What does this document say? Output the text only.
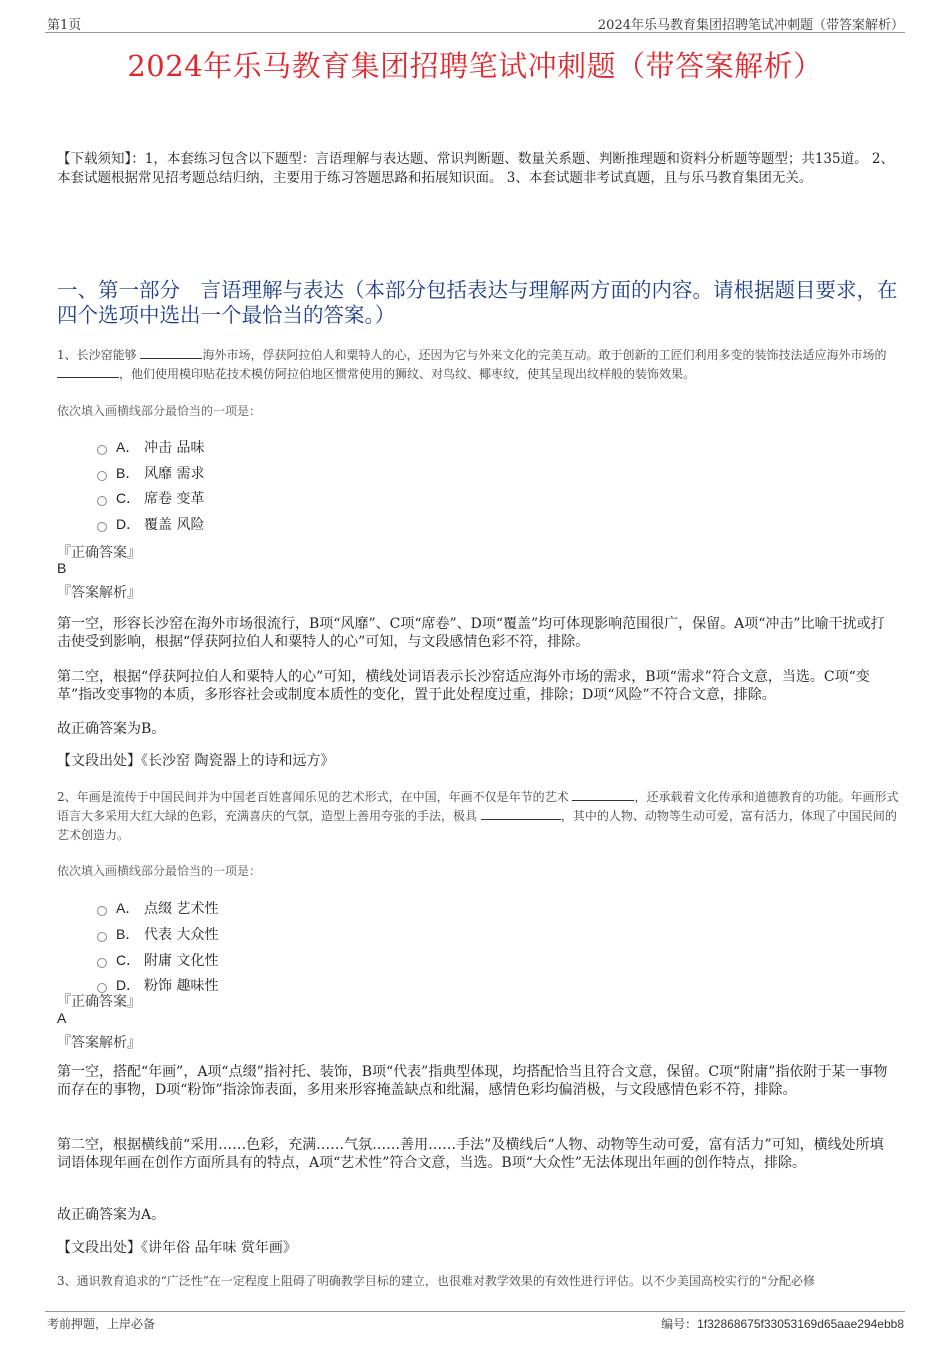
第1页	2024年乐马教育集团招聘笔试冲刺题（带答案解析）
2024年乐马教育集团招聘笔试冲刺题（带答案解析）
【下载须知】：1，本套练习包含以下题型：言语理解与表达题、常识判断题、数量关系题、判断推理题和资料分析题等题型；共135道。 2、本套试题根据常见招考题总结归纳，主要用于练习答题思路和拓展知识面。 3、本套试题非考试真题，且与乐马教育集团无关。
一、第一部分　言语理解与表达（本部分包括表达与理解两方面的内容。请根据题目要求，在四个选项中选出一个最恰当的答案。）
1、长沙窑能够	海外市场，俘获阿拉伯人和粟特人的心，还因为它与外来文化的完美互动。敢于创新的工匠们利用多变的装饰技法适应海外市场的 ，他们使用模印贴花技术模仿阿拉伯地区惯常使用的狮纹、对鸟纹、椰枣纹，使其呈现出纹样般的装饰效果。
依次填入画横线部分最恰当的一项是：
A． 冲击 品味
B． 风靡 需求
C． 席卷 变革
D． 覆盖 风险
『正确答案』
B
『答案解析』
第一空，形容长沙窑在海外市场很流行，B项“风靡”、C项“席卷”、D项“覆盖”均可体现影响范围很广，保留。A项“冲击”比喻干扰或打击使受到影响，根据“俘获阿拉伯人和粟特人的心”可知，与文段感情色彩不符，排除。
第二空，根据“俘获阿拉伯人和粟特人的心”可知，横线处词语表示长沙窑适应海外市场的需求，B项“需求”符合文意，当选。C项“变革”指改变事物的本质，多形容社会或制度本质性的变化，置于此处程度过重，排除；D项“风险”不符合文意，排除。
故正确答案为B。
【文段出处】《长沙窑 陶瓷器上的诗和远方》
2、年画是流传于中国民间并为中国老百姓喜闻乐见的艺术形式，在中国，年画不仅是年节的艺术	，还承载着文化传承和道德教育的功能。年画形式语言大多采用大红大绿的色彩，充满喜庆的气氛，造型上善用夸张的手法，极具	，其中的人物、动物等生动可爱，富有活力，体现了中国民间的艺术创造力。
依次填入画横线部分最恰当的一项是：
A． 点缀 艺术性
B． 代表 大众性
C． 附庸 文化性
D． 粉饰 趣味性
『正确答案』
A
『答案解析』
第一空，搭配“年画”，A项“点缀”指衬托、装饰，B项“代表”指典型体现，均搭配恰当且符合文意，保留。C项“附庸”指依附于某一事物而存在的事物，D项“粉饰”指涂饰表面，多用来形容掩盖缺点和纰漏，感情色彩均偏消极，与文段感情色彩不符，排除。
第二空，根据横线前“采用……色彩，充满……气氛……善用……手法”及横线后“人物、动物等生动可爱，富有活力”可知，横线处所填词语体现年画在创作方面所具有的特点，A项“艺术性”符合文意，当选。B项“大众性”无法体现出年画的创作特点，排除。
故正确答案为A。
【文段出处】《讲年俗 品年味 赏年画》
3、通识教育追求的“广泛性”在一定程度上阻碍了明确教学目标的建立，也很难对教学效果的有效性进行评估。以不少美国高校实行的“分配必修
考前押题，上岸必备	编号：1f32868675f33053169d65aae294ebb8
